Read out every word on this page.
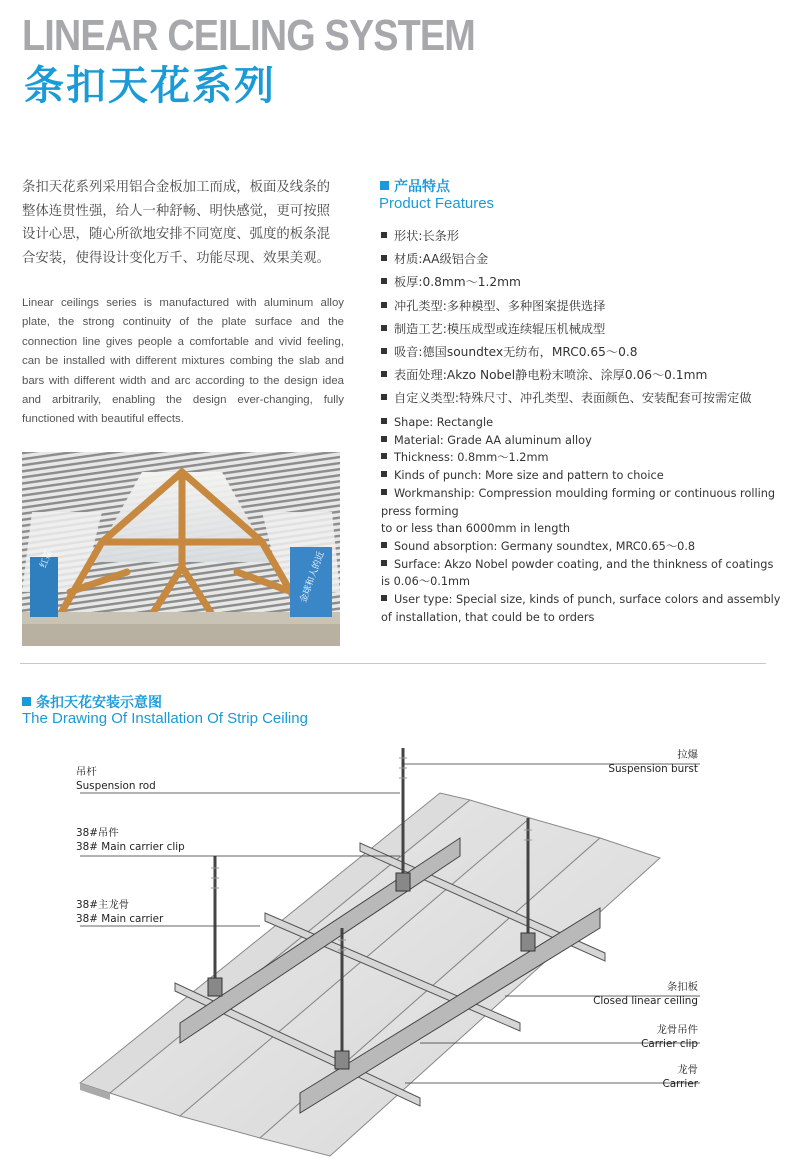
LINEAR CEILING SYSTEM
条扣天花系列
条扣天花系列采用铝合金板加工而成，板面及线条的整体连贯性强，给人一种舒畅、明快感觉，更可按照设计心思，随心所欲地安排不同宽度、弧度的板条混合安装，使得设计变化万千、功能尽现、效果美观。
Linear ceilings series is manufactured with aluminum alloy plate, the strong continuity of the plate surface and the connection line gives people a comfortable and vivid feeling, can be installed with different mixtures combing the slab and bars with different width and arc according to the design idea and arbitrarily, enabling the design ever-changing, fully functioned with beautiful effects.
产品特点
Product Features
形状:长条形
材质:AA级铝合金
板厚:0.8mm～1.2mm
冲孔类型:多种模型、多种图案提供选择
制造工艺:模压成型或连续辊压机械成型
吸音:德国soundtex无纺布，MRC0.65～0.8
表面处理:Akzo Nobel静电粉末喷涂、涂厚0.06～0.1mm
自定义类型:特殊尺寸、冲孔类型、表面颜色、安装配套可按需定做
Shape: Rectangle
Material: Grade AA aluminum alloy
Thickness: 0.8mm～1.2mm
Kinds of punch: More size and pattern to choice
Workmanship: Compression moulding forming or continuous rolling press forming
to or less than 6000mm in length
Sound absorption: Germany soundtex, MRC0.65～0.8
Surface: Akzo Nobel powder coating, and the thinkness of coatings is 0.06～0.1mm
User type: Special size, kinds of punch, surface colors and assembly of installation, that could be to orders
条扣天花安装示意图
The Drawing Of Installation Of Strip Ceiling
拉爆
Suspension burst
吊杆
Suspension rod
38#吊件
38# Main carrier clip
38#主龙骨
38# Main carrier
条扣板
Closed linear ceiling
龙骨吊件
Carrier clip
龙骨
Carrier
红荔	金球和人的近
